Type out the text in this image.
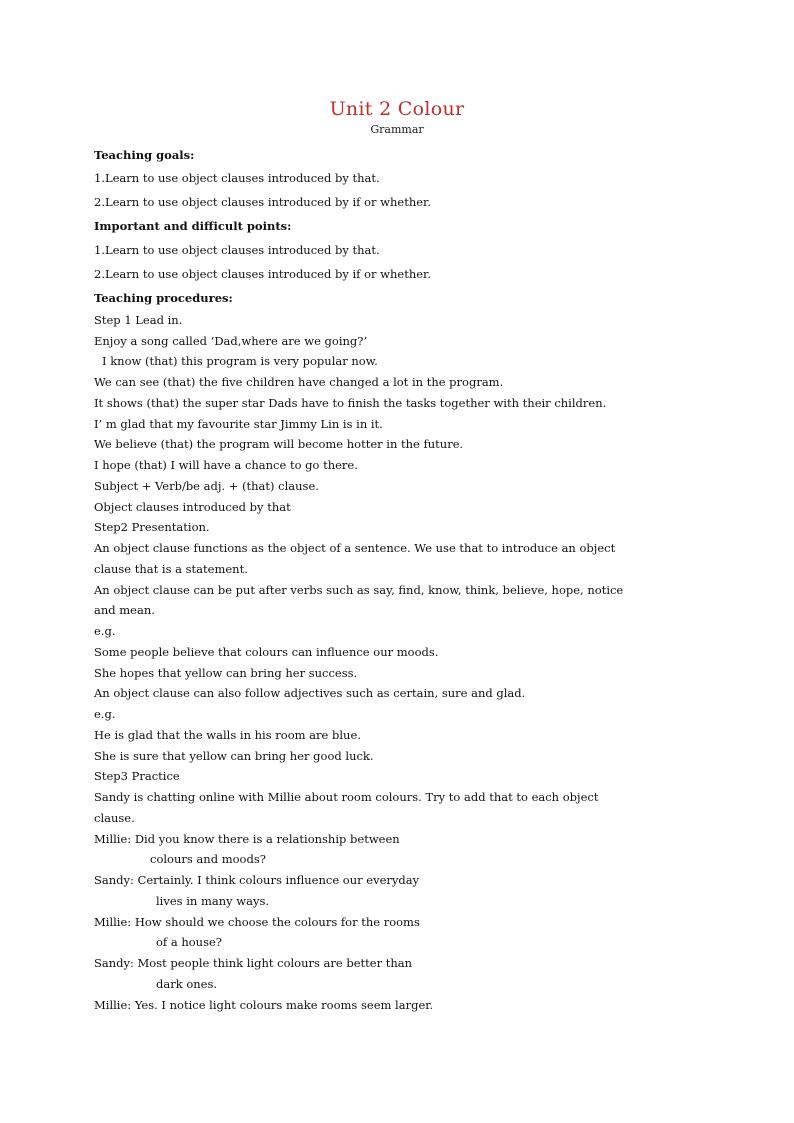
Unit 2 Colour
Grammar
Teaching goals:
1.Learn to use object clauses introduced by that.
2.Learn to use object clauses introduced by if or whether.
Important and difficult points:
1.Learn to use object clauses introduced by that.
2.Learn to use object clauses introduced by if or whether.
Teaching procedures:
Step 1 Lead in.
Enjoy a song called ‘Dad,where are we going?’
I know (that) this program is very popular now.
We can see (that) the five children have changed a lot in the program.
It shows (that) the super star Dads have to finish the tasks together with their children.
I’ m glad that my favourite star Jimmy Lin is in it.
We believe (that) the program will become hotter in the future.
I hope (that) I will have a chance to go there.
Subject + Verb/be adj. + (that) clause.
Object clauses introduced by that
Step2 Presentation.
An object clause functions as the object of a sentence. We use that to introduce an object
clause that is a statement.
An object clause can be put after verbs such as say, find, know, think, believe, hope, notice
and mean.
e.g.
Some people believe that colours can influence our moods.
She hopes that yellow can bring her success.
An object clause can also follow adjectives such as certain, sure and glad.
e.g.
He is glad that the walls in his room are blue.
She is sure that yellow can bring her good luck.
Step3 Practice
Sandy is chatting online with Millie about room colours. Try to add that to each object
clause.
Millie: Did you know there is a relationship between
colours and moods?
Sandy: Certainly. I think colours influence our everyday
lives in many ways.
Millie: How should we choose the colours for the rooms
of a house?
Sandy: Most people think light colours are better than
dark ones.
Millie: Yes. I notice light colours make rooms seem larger.
